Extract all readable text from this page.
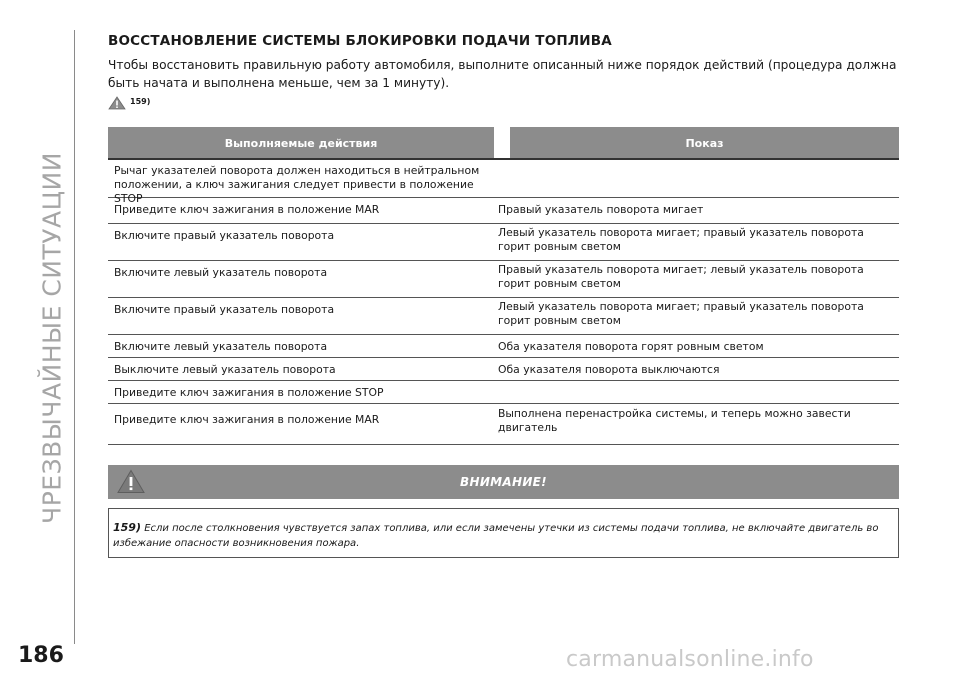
ЧРЕЗВЫЧАЙНЫЕ СИТУАЦИИ
ВОССТАНОВЛЕНИЕ СИСТЕМЫ БЛОКИРОВКИ ПОДАЧИ ТОПЛИВА
Чтобы восстановить правильную работу автомобиля, выполните описанный ниже порядок действий (процедура должна быть начата и выполнена меньше, чем за 1 минуту).
159)
Выполняемые действия	Показ
Рычаг указателей поворота должен находиться в нейтральном положении, а ключ зажигания следует привести в положение STOP
Приведите ключ зажигания в положение MAR	Правый указатель поворота мигает
Включите правый указатель поворота	Левый указатель поворота мигает; правый указатель поворота горит ровным светом
Включите левый указатель поворота	Правый указатель поворота мигает; левый указатель поворота горит ровным светом
Включите правый указатель поворота	Левый указатель поворота мигает; правый указатель поворота горит ровным светом
Включите левый указатель поворота	Оба указателя поворота горят ровным светом
Выключите левый указатель поворота	Оба указателя поворота выключаются
Приведите ключ зажигания в положение STOP
Приведите ключ зажигания в положение MAR	Выполнена перенастройка системы, и теперь можно завести двигатель
ВНИМАНИЕ!

159) Если после столкновения чувствуется запах топлива, или если замечены утечки из системы подачи топлива, не включайте двигатель во избежание опасности возникновения пожара.

186	carmanualsonline.info
